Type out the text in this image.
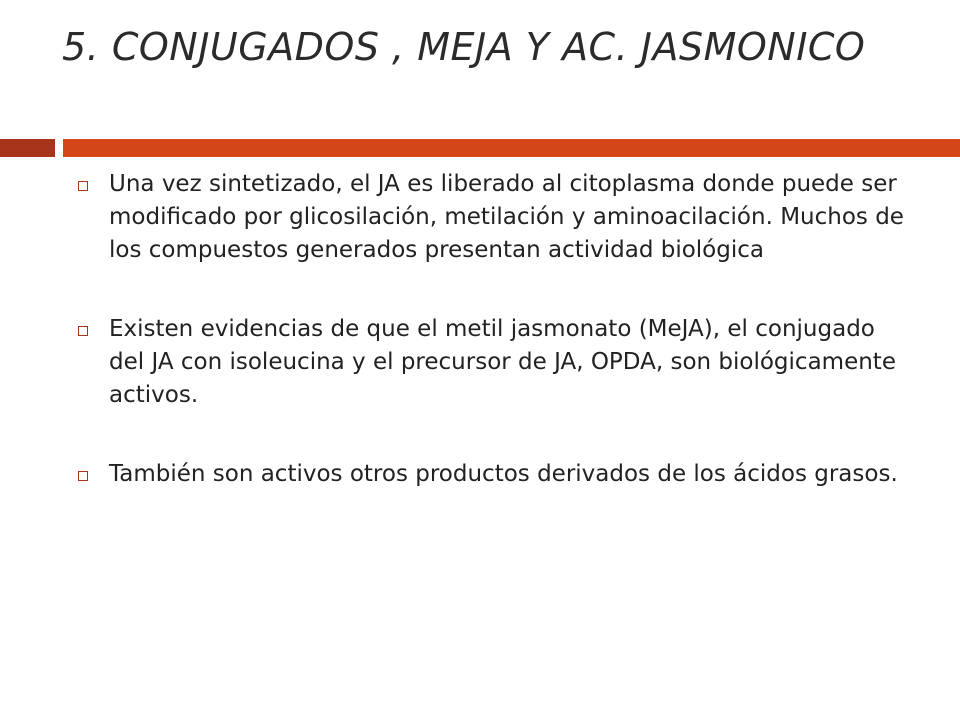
5. CONJUGADOS , MEJA Y AC. JASMONICO
Una vez sintetizado, el JA es liberado al citoplasma donde puede ser modificado por glicosilación, metilación y aminoacilación. Muchos de los compuestos generados presentan actividad biológica
Existen evidencias de que el metil jasmonato (MeJA), el conjugado del JA con isoleucina y el precursor de JA, OPDA, son biológicamente activos.
También son activos otros productos derivados de los ácidos grasos.
